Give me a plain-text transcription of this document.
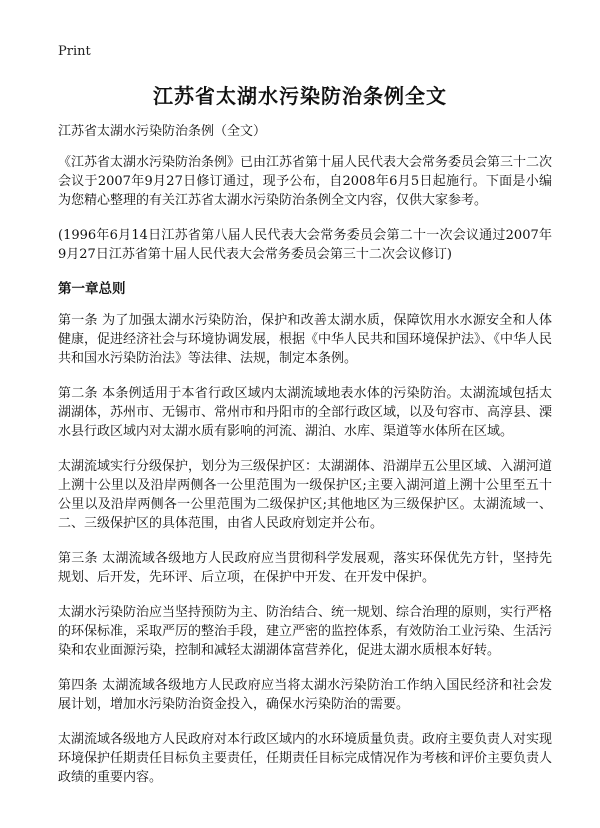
Print
江苏省太湖水污染防治条例全文

江苏省太湖水污染防治条例（全文）

《江苏省太湖水污染防治条例》已由江苏省第十届人民代表大会常务委员会第三十二次会议于2007年9月27日修订通过，现予公布，自2008年6月5日起施行。下面是小编为您精心整理的有关江苏省太湖水污染防治条例全文内容，仅供大家参考。

(1996年6月14日江苏省第八届人民代表大会常务委员会第二十一次会议通过2007年9月27日江苏省第十届人民代表大会常务委员会第三十二次会议修订)

第一章总则

第一条 为了加强太湖水污染防治，保护和改善太湖水质，保障饮用水水源安全和人体健康，促进经济社会与环境协调发展，根据《中华人民共和国环境保护法》、《中华人民共和国水污染防治法》等法律、法规，制定本条例。

第二条 本条例适用于本省行政区域内太湖流域地表水体的污染防治。太湖流域包括太湖湖体，苏州市、无锡市、常州市和丹阳市的全部行政区域，以及句容市、高淳县、溧水县行政区域内对太湖水质有影响的河流、湖泊、水库、渠道等水体所在区域。

太湖流域实行分级保护，划分为三级保护区：太湖湖体、沿湖岸五公里区域、入湖河道上溯十公里以及沿岸两侧各一公里范围为一级保护区;主要入湖河道上溯十公里至五十公里以及沿岸两侧各一公里范围为二级保护区;其他地区为三级保护区。太湖流域一、二、三级保护区的具体范围，由省人民政府划定并公布。

第三条 太湖流域各级地方人民政府应当贯彻科学发展观，落实环保优先方针，坚持先规划、后开发，先环评、后立项，在保护中开发、在开发中保护。

太湖水污染防治应当坚持预防为主、防治结合、统一规划、综合治理的原则，实行严格的环保标准，采取严厉的整治手段，建立严密的监控体系，有效防治工业污染、生活污染和农业面源污染，控制和减轻太湖湖体富营养化，促进太湖水质根本好转。

第四条 太湖流域各级地方人民政府应当将太湖水污染防治工作纳入国民经济和社会发展计划，增加水污染防治资金投入，确保水污染防治的需要。

太湖流域各级地方人民政府对本行政区域内的水环境质量负责。政府主要负责人对实现环境保护任期责任目标负主要责任，任期责任目标完成情况作为考核和评价主要负责人政绩的重要内容。
